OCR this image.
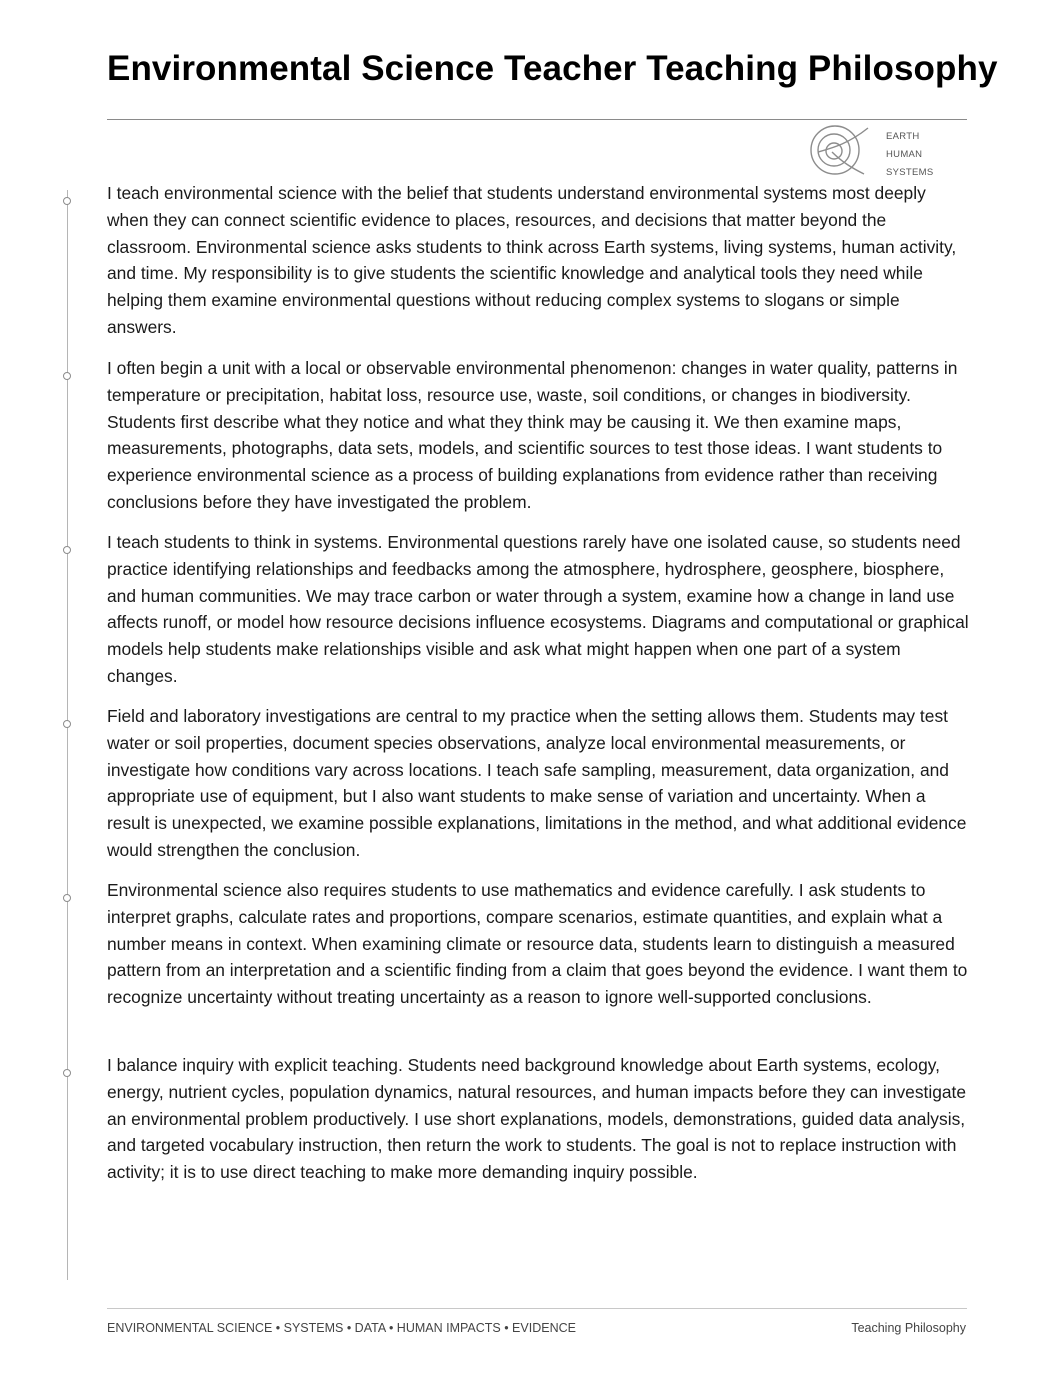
Environmental Science Teacher Teaching Philosophy
EARTH
HUMAN
SYSTEMS

I teach environmental science with the belief that students understand environmental systems most deeply when they can connect scientific evidence to places, resources, and decisions that matter beyond the classroom. Environmental science asks students to think across Earth systems, living systems, human activity, and time. My responsibility is to give students the scientific knowledge and analytical tools they need while helping them examine environmental questions without reducing complex systems to slogans or simple answers.

I often begin a unit with a local or observable environmental phenomenon: changes in water quality, patterns in temperature or precipitation, habitat loss, resource use, waste, soil conditions, or changes in biodiversity. Students first describe what they notice and what they think may be causing it. We then examine maps, measurements, photographs, data sets, models, and scientific sources to test those ideas. I want students to experience environmental science as a process of building explanations from evidence rather than receiving conclusions before they have investigated the problem.

I teach students to think in systems. Environmental questions rarely have one isolated cause, so students need practice identifying relationships and feedbacks among the atmosphere, hydrosphere, geosphere, biosphere, and human communities. We may trace carbon or water through a system, examine how a change in land use affects runoff, or model how resource decisions influence ecosystems. Diagrams and computational or graphical models help students make relationships visible and ask what might happen when one part of a system changes.

Field and laboratory investigations are central to my practice when the setting allows them. Students may test water or soil properties, document species observations, analyze local environmental measurements, or investigate how conditions vary across locations. I teach safe sampling, measurement, data organization, and appropriate use of equipment, but I also want students to make sense of variation and uncertainty. When a result is unexpected, we examine possible explanations, limitations in the method, and what additional evidence would strengthen the conclusion.

Environmental science also requires students to use mathematics and evidence carefully. I ask students to interpret graphs, calculate rates and proportions, compare scenarios, estimate quantities, and explain what a number means in context. When examining climate or resource data, students learn to distinguish a measured pattern from an interpretation and a scientific finding from a claim that goes beyond the evidence. I want them to recognize uncertainty without treating uncertainty as a reason to ignore well-supported conclusions.

I balance inquiry with explicit teaching. Students need background knowledge about Earth systems, ecology, energy, nutrient cycles, population dynamics, natural resources, and human impacts before they can investigate an environmental problem productively. I use short explanations, models, demonstrations, guided data analysis, and targeted vocabulary instruction, then return the work to students. The goal is not to replace instruction with activity; it is to use direct teaching to make more demanding inquiry possible.

ENVIRONMENTAL SCIENCE • SYSTEMS • DATA • HUMAN IMPACTS • EVIDENCE	Teaching Philosophy
